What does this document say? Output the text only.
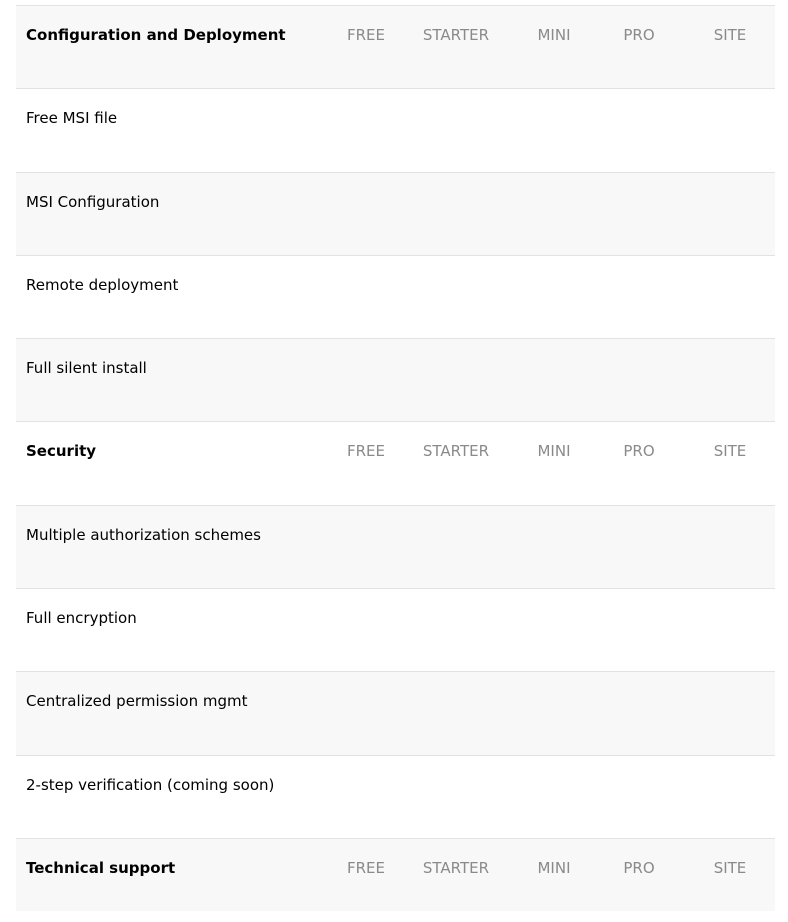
Configuration and Deployment	FREE	STARTER	MINI	PRO	SITE
Free MSI file
MSI Configuration
Remote deployment
Full silent install
Security	FREE	STARTER	MINI	PRO	SITE
Multiple authorization schemes
Full encryption
Centralized permission mgmt
2-step verification (coming soon)
Technical support	FREE	STARTER	MINI	PRO	SITE
